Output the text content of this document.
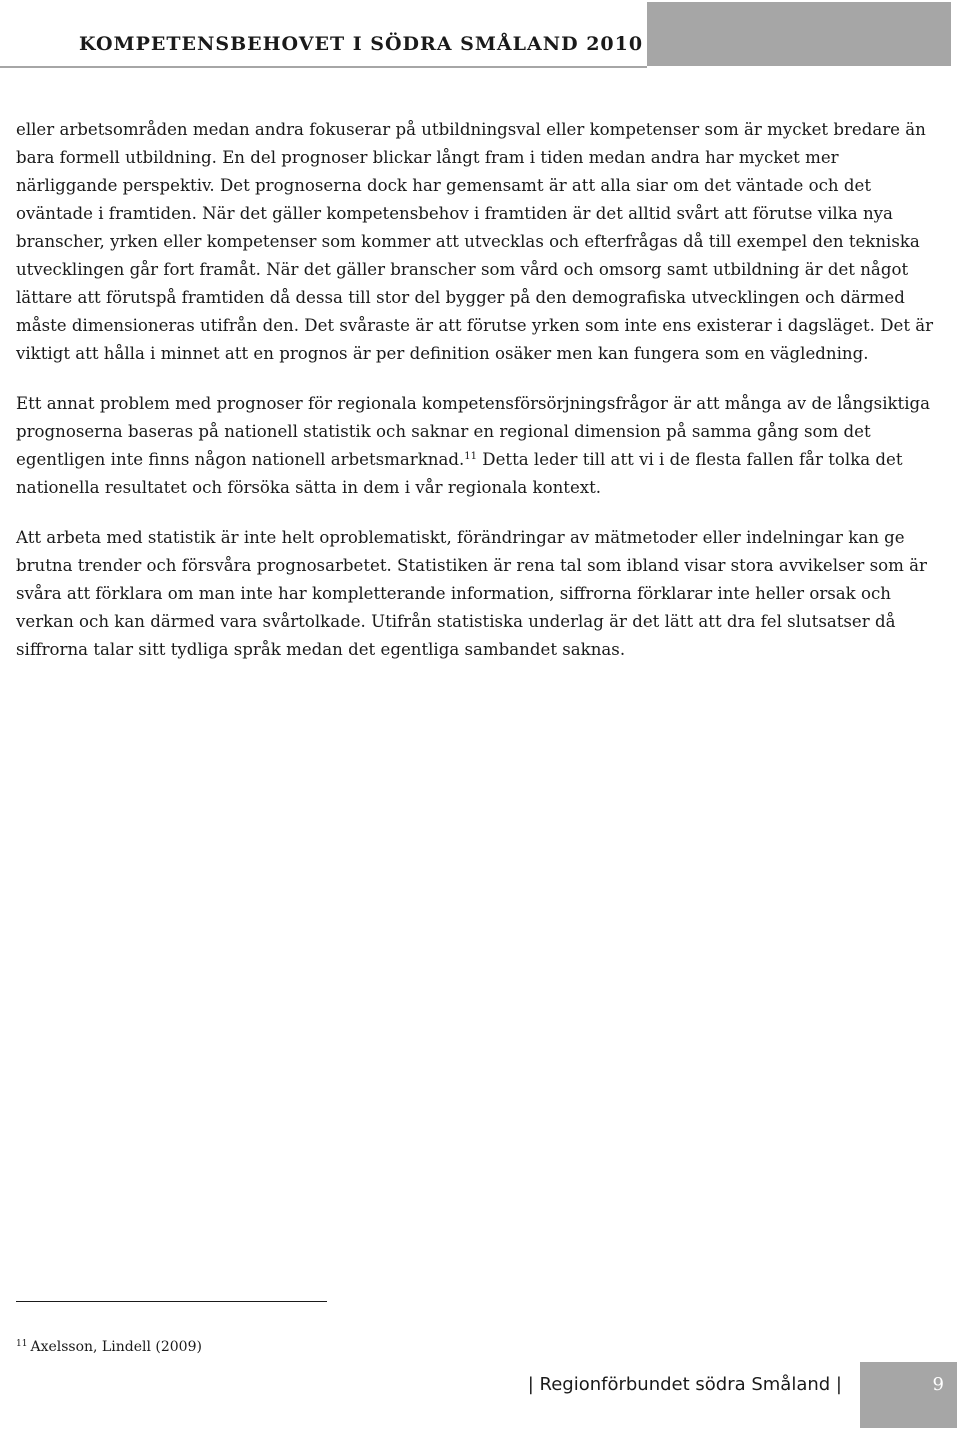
KOMPETENSBEHOVET I SÖDRA SMÅLAND 2010

eller arbetsområden medan andra fokuserar på utbildningsval eller kompetenser som är mycket bredare än bara formell utbildning. En del prognoser blickar långt fram i tiden medan andra har mycket mer närliggande perspektiv. Det prognoserna dock har gemensamt är att alla siar om det väntade och det oväntade i framtiden. När det gäller kompetensbehov i framtiden är det alltid svårt att förutse vilka nya branscher, yrken eller kompetenser som kommer att utvecklas och efterfrågas då till exempel den tekniska utvecklingen går fort framåt. När det gäller branscher som vård och omsorg samt utbildning är det något lättare att förutspå framtiden då dessa till stor del bygger på den demografiska utvecklingen och därmed måste dimensioneras utifrån den. Det svåraste är att förutse yrken som inte ens existerar i dagsläget. Det är viktigt att hålla i minnet att en prognos är per definition osäker men kan fungera som en vägledning.

Ett annat problem med prognoser för regionala kompetensförsörjningsfrågor är att många av de långsiktiga prognoserna baseras på nationell statistik och saknar en regional dimension på samma gång som det egentligen inte finns någon nationell arbetsmarknad.$^{11}$ Detta leder till att vi i de flesta fallen får tolka det nationella resultatet och försöka sätta in dem i vår regionala kontext.

Att arbeta med statistik är inte helt oproblematiskt, förändringar av mätmetoder eller indelningar kan ge brutna trender och försvåra prognosarbetet. Statistiken är rena tal som ibland visar stora avvikelser som är svåra att förklara om man inte har kompletterande information, siffrorna förklarar inte heller orsak och verkan och kan därmed vara svårtolkade. Utifrån statistiska underlag är det lätt att dra fel slutsatser då siffrorna talar sitt tydliga språk medan det egentliga sambandet saknas.

$^{11}$ Axelsson, Lindell (2009)
| Regionförbundet södra Småland |	9
